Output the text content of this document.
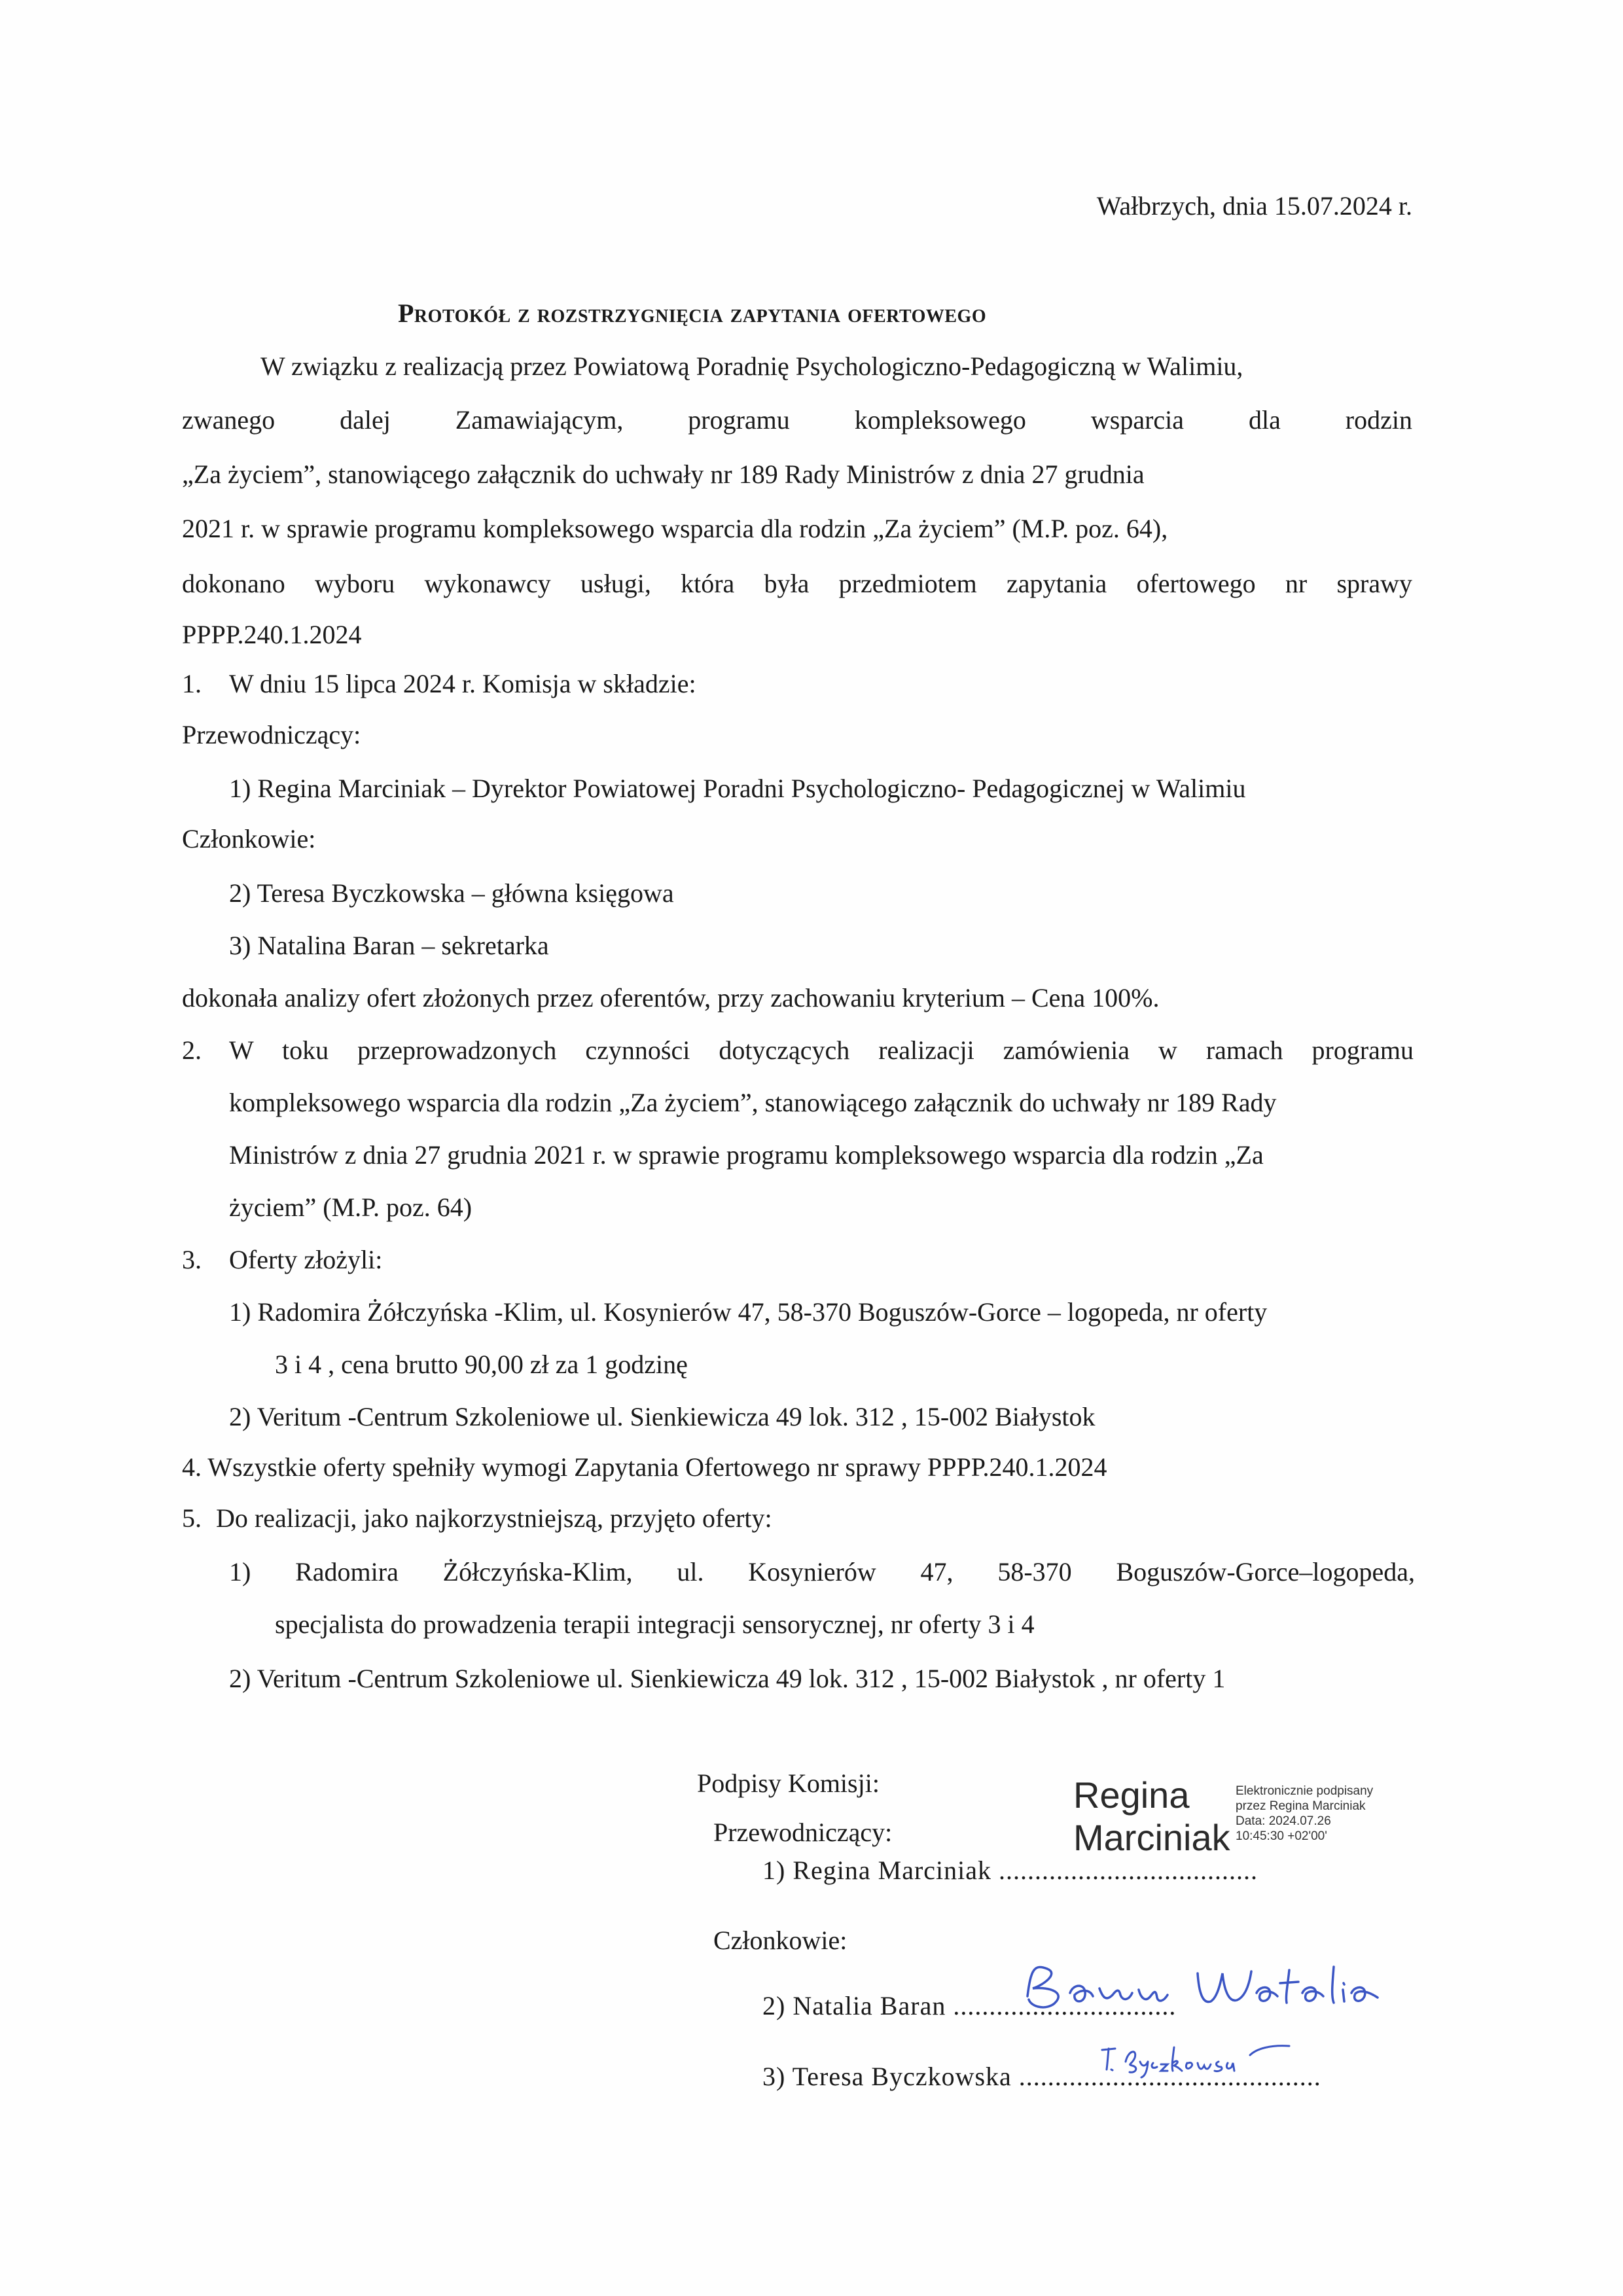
Wałbrzych, dnia 15.07.2024 r.
Protokół z rozstrzygnięcia zapytania ofertowego
W związku z realizacją przez Powiatową Poradnię Psychologiczno-Pedagogiczną w Walimiu,
zwanego dalej Zamawiającym, programu kompleksowego wsparcia dla rodzin
„Za życiem”, stanowiącego załącznik do uchwały nr 189 Rady Ministrów z dnia 27 grudnia
2021 r. w sprawie programu kompleksowego wsparcia dla rodzin „Za życiem” (M.P. poz. 64),
dokonano wyboru wykonawcy usługi, która była przedmiotem zapytania ofertowego nr sprawy
PPPP.240.1.2024
1. W dniu 15 lipca 2024 r. Komisja w składzie:
Przewodniczący:
1) Regina Marciniak – Dyrektor Powiatowej Poradni Psychologiczno- Pedagogicznej w Walimiu
Członkowie:
2) Teresa Byczkowska – główna księgowa
3) Natalina Baran – sekretarka
dokonała analizy ofert złożonych przez oferentów, przy zachowaniu kryterium – Cena 100%.
2. W toku przeprowadzonych czynności dotyczących realizacji zamówienia w ramach programu
kompleksowego wsparcia dla rodzin „Za życiem”, stanowiącego załącznik do uchwały nr 189 Rady
Ministrów z dnia 27 grudnia 2021 r. w sprawie programu kompleksowego wsparcia dla rodzin „Za
życiem” (M.P. poz. 64)
3. Oferty złożyli:
1) Radomira Żółczyńska -Klim, ul. Kosynierów 47, 58-370 Boguszów-Gorce – logopeda, nr oferty
3 i 4 , cena brutto 90,00 zł za 1 godzinę
2) Veritum -Centrum Szkoleniowe ul. Sienkiewicza 49 lok. 312 , 15-002 Białystok
4. Wszystkie oferty spełniły wymogi Zapytania Ofertowego nr sprawy PPPP.240.1.2024
5. Do realizacji, jako najkorzystniejszą, przyjęto oferty:
1) Radomira Żółczyńska-Klim, ul. Kosynierów 47, 58-370 Boguszów-Gorce–logopeda,
specjalista do prowadzenia terapii integracji sensorycznej, nr oferty 3 i 4
2) Veritum -Centrum Szkoleniowe ul. Sienkiewicza 49 lok. 312 , 15-002 Białystok , nr oferty 1
Podpisy Komisji:
Przewodniczący:
1) Regina Marciniak ....................................
Regina
Marciniak
Elektronicznie podpisany
przez Regina Marciniak
Data: 2024.07.26
10:45:30 +02'00'
Członkowie:
2) Natalia Baran ...............................
3) Teresa Byczkowska ..........................................
